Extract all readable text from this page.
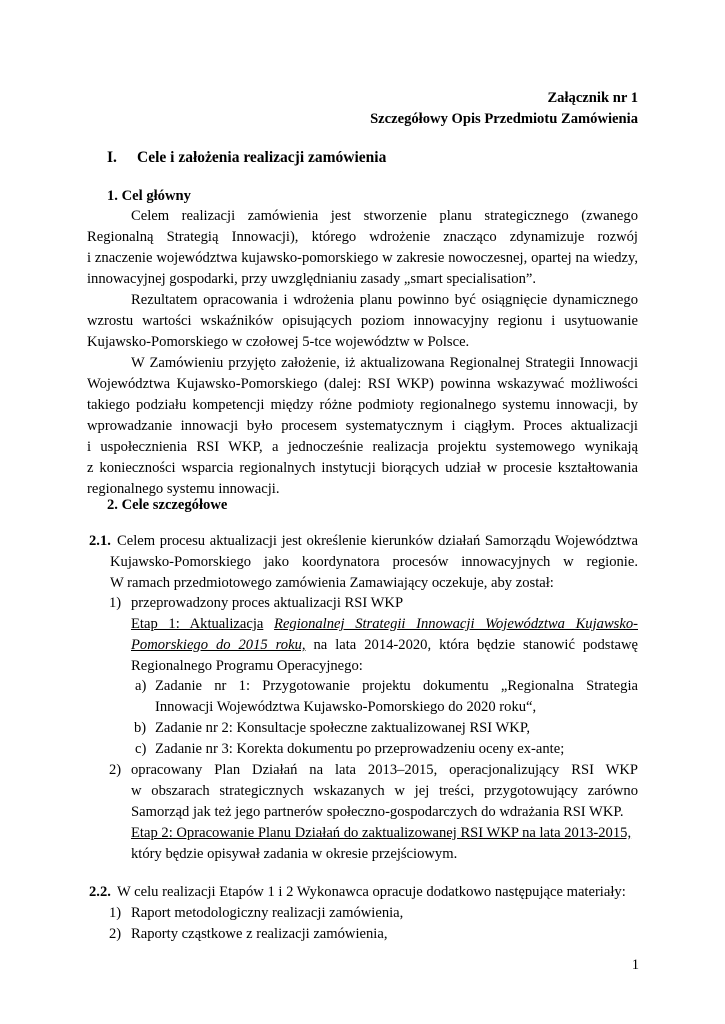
Załącznik nr 1
Szczegółowy Opis Przedmiotu Zamówienia
I. Cele i założenia realizacji zamówienia
1. Cel główny
Celem realizacji zamówienia jest stworzenie planu strategicznego (zwanego
Regionalną Strategią Innowacji), którego wdrożenie znacząco zdynamizuje rozwój
i znaczenie województwa kujawsko-pomorskiego w zakresie nowoczesnej, opartej na wiedzy,
innowacyjnej gospodarki, przy uwzględnianiu zasady „smart specialisation”.
Rezultatem opracowania i wdrożenia planu powinno być osiągnięcie dynamicznego
wzrostu wartości wskaźników opisujących poziom innowacyjny regionu i usytuowanie
Kujawsko-Pomorskiego w czołowej 5-tce województw w Polsce.
W Zamówieniu przyjęto założenie, iż aktualizowana Regionalnej Strategii Innowacji
Województwa Kujawsko-Pomorskiego (dalej: RSI WKP) powinna wskazywać możliwości
takiego podziału kompetencji między różne podmioty regionalnego systemu innowacji, by
wprowadzanie innowacji było procesem systematycznym i ciągłym. Proces aktualizacji
i uspołecznienia RSI WKP, a jednocześnie realizacja projektu systemowego wynikają
z konieczności wsparcia regionalnych instytucji biorących udział w procesie kształtowania
regionalnego systemu innowacji.
2. Cele szczegółowe
2.1. Celem procesu aktualizacji jest określenie kierunków działań Samorządu Województwa
Kujawsko-Pomorskiego jako koordynatora procesów innowacyjnych w regionie.
W ramach przedmiotowego zamówienia Zamawiający oczekuje, aby został:
1) przeprowadzony proces aktualizacji RSI WKP
Etap 1: Aktualizacja Regionalnej Strategii Innowacji Województwa Kujawsko-
Pomorskiego do 2015 roku, na lata 2014-2020, która będzie stanowić podstawę
Regionalnego Programu Operacyjnego:
a) Zadanie nr 1: Przygotowanie projektu dokumentu „Regionalna Strategia
Innowacji Województwa Kujawsko-Pomorskiego do 2020 roku“,
b) Zadanie nr 2: Konsultacje społeczne zaktualizowanej RSI WKP,
c) Zadanie nr 3: Korekta dokumentu po przeprowadzeniu oceny ex-ante;
2) opracowany Plan Działań na lata 2013–2015, operacjonalizujący RSI WKP
w obszarach strategicznych wskazanych w jej treści, przygotowujący zarówno
Samorząd jak też jego partnerów społeczno-gospodarczych do wdrażania RSI WKP.
Etap 2: Opracowanie Planu Działań do zaktualizowanej RSI WKP na lata 2013-2015,
który będzie opisywał zadania w okresie przejściowym.
2.2. W celu realizacji Etapów 1 i 2 Wykonawca opracuje dodatkowo następujące materiały:
1) Raport metodologiczny realizacji zamówienia,
2) Raporty cząstkowe z realizacji zamówienia,
1
